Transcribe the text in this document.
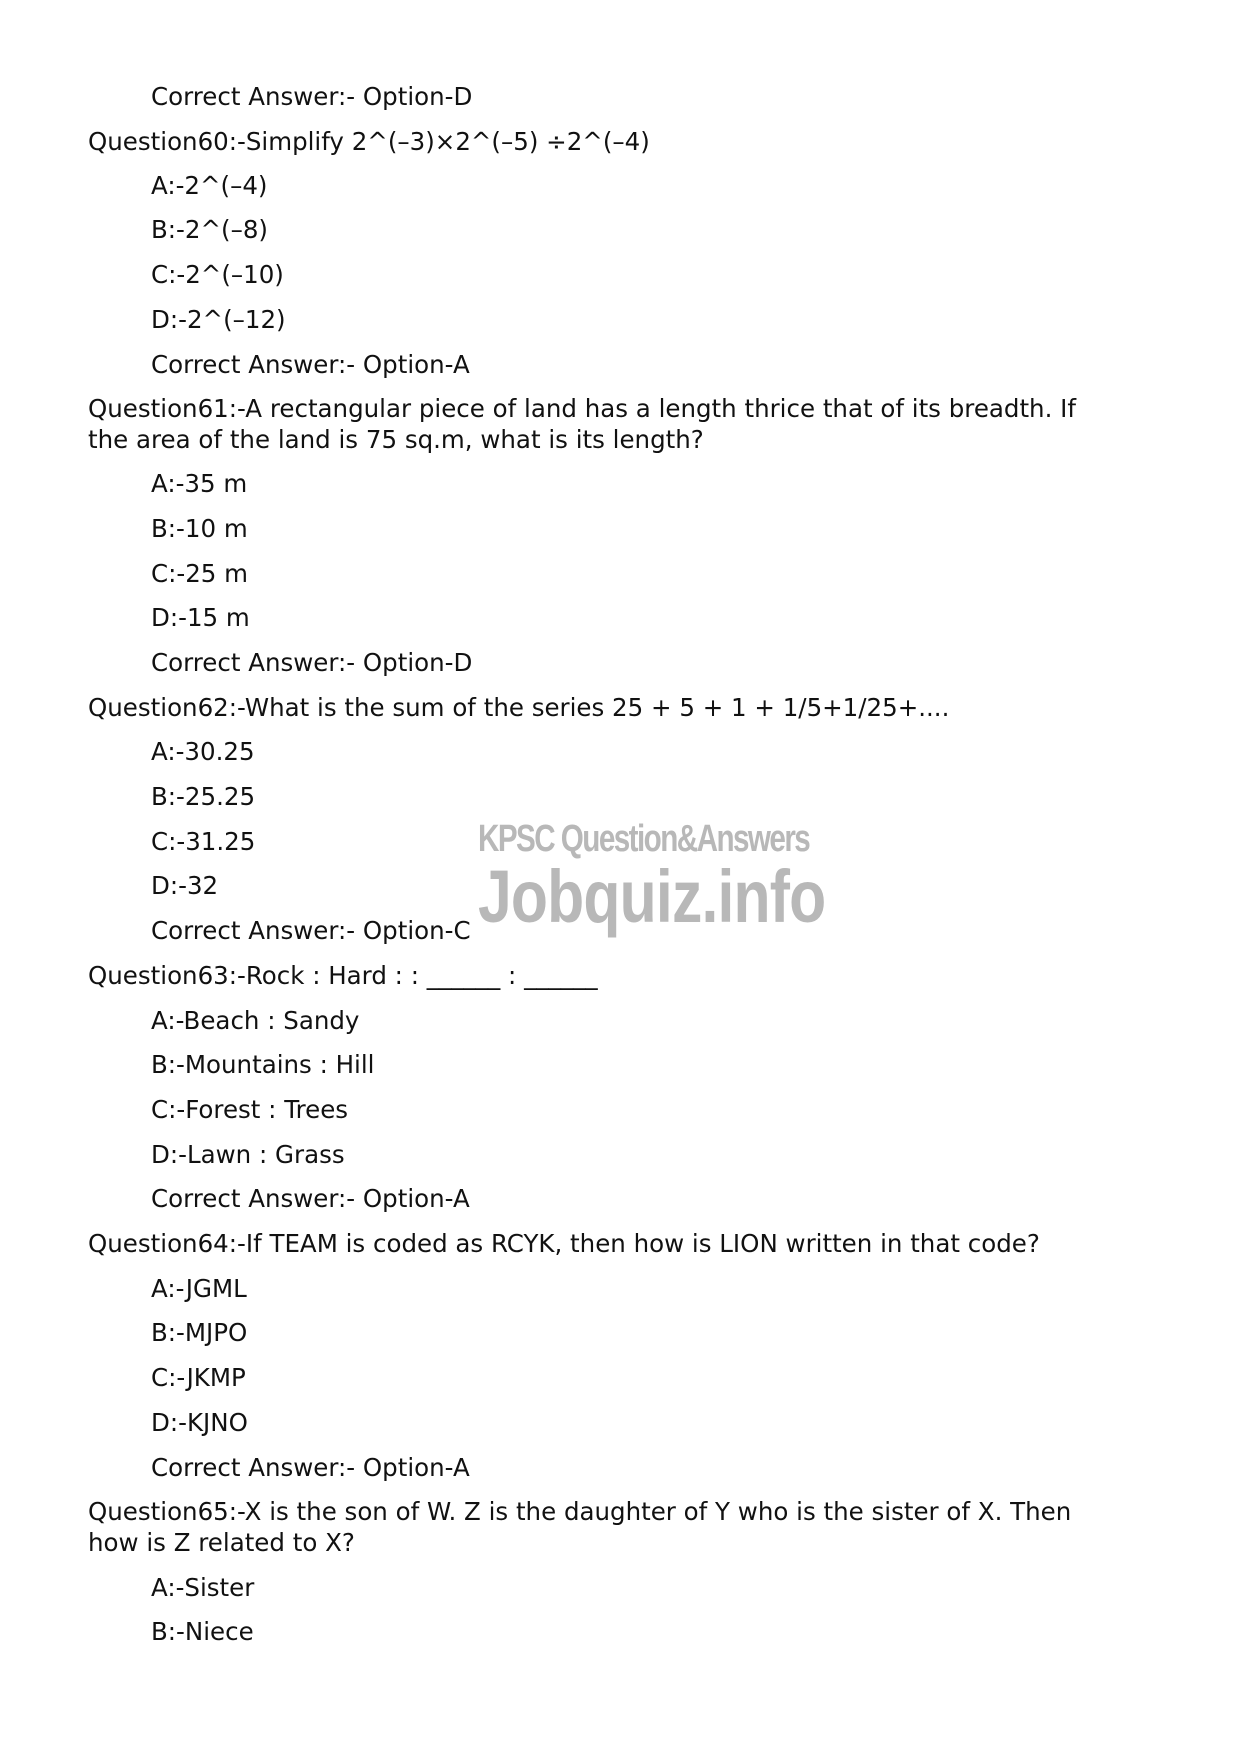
Correct Answer:- Option-D
Question60:-Simplify 2^(–3)×2^(–5) ÷2^(–4)
A:-2^(–4)
B:-2^(–8)
C:-2^(–10)
D:-2^(–12)
Correct Answer:- Option-A
Question61:-A rectangular piece of land has a length thrice that of its breadth. If
the area of the land is 75 sq.m, what is its length?
A:-35 m
B:-10 m
C:-25 m
D:-15 m
Correct Answer:- Option-D
Question62:-What is the sum of the series 25 + 5 + 1 + 1/5+1/25+....
A:-30.25
B:-25.25
C:-31.25
D:-32
Correct Answer:- Option-C
Question63:-Rock : Hard : : ______ : ______
A:-Beach : Sandy
B:-Mountains : Hill
C:-Forest : Trees
D:-Lawn : Grass
Correct Answer:- Option-A
Question64:-If TEAM is coded as RCYK, then how is LION written in that code?
A:-JGML
B:-MJPO
C:-JKMP
D:-KJNO
Correct Answer:- Option-A
Question65:-X is the son of W. Z is the daughter of Y who is the sister of X. Then
how is Z related to X?
A:-Sister
B:-Niece
KPSC Question&Answers
Jobquiz.info
